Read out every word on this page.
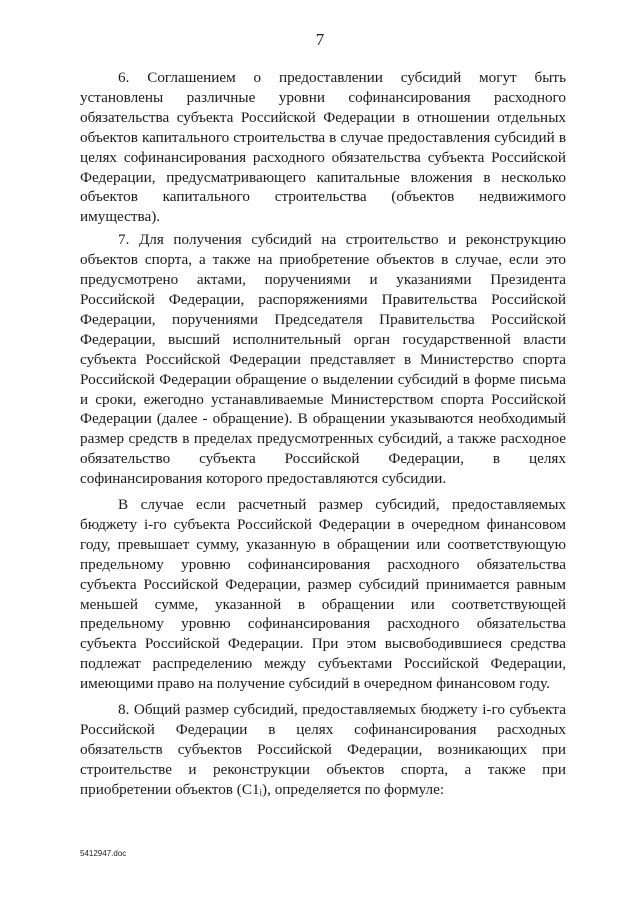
7

6. Соглашением о предоставлении субсидий могут быть установлены различные уровни софинансирования расходного обязательства субъекта Российской Федерации в отношении отдельных объектов капитального строительства в случае предоставления субсидий в целях софинансирования расходного обязательства субъекта Российской Федерации, предусматривающего капитальные вложения в несколько объектов капитального строительства (объектов недвижимого имущества).

7. Для получения субсидий на строительство и реконструкцию объектов спорта, а также на приобретение объектов в случае, если это предусмотрено актами, поручениями и указаниями Президента Российской Федерации, распоряжениями Правительства Российской Федерации, поручениями Председателя Правительства Российской Федерации, высший исполнительный орган государственной власти субъекта Российской Федерации представляет в Министерство спорта Российской Федерации обращение о выделении субсидий в форме письма и сроки, ежегодно устанавливаемые Министерством спорта Российской Федерации (далее - обращение). В обращении указываются необходимый размер средств в пределах предусмотренных субсидий, а также расходное обязательство субъекта Российской Федерации, в целях софинансирования которого предоставляются субсидии.

В случае если расчетный размер субсидий, предоставляемых бюджету i-го субъекта Российской Федерации в очередном финансовом году, превышает сумму, указанную в обращении или соответствующую предельному уровню софинансирования расходного обязательства субъекта Российской Федерации, размер субсидий принимается равным меньшей сумме, указанной в обращении или соответствующей предельному уровню софинансирования расходного обязательства субъекта Российской Федерации. При этом высвободившиеся средства подлежат распределению между субъектами Российской Федерации, имеющими право на получение субсидий в очередном финансовом году.

8. Общий размер субсидий, предоставляемых бюджету i-го субъекта Российской Федерации в целях софинансирования расходных обязательств субъектов Российской Федерации, возникающих при строительстве и реконструкции объектов спорта, а также при приобретении объектов (C1ᵢ), определяется по формуле:

5412947.doc
